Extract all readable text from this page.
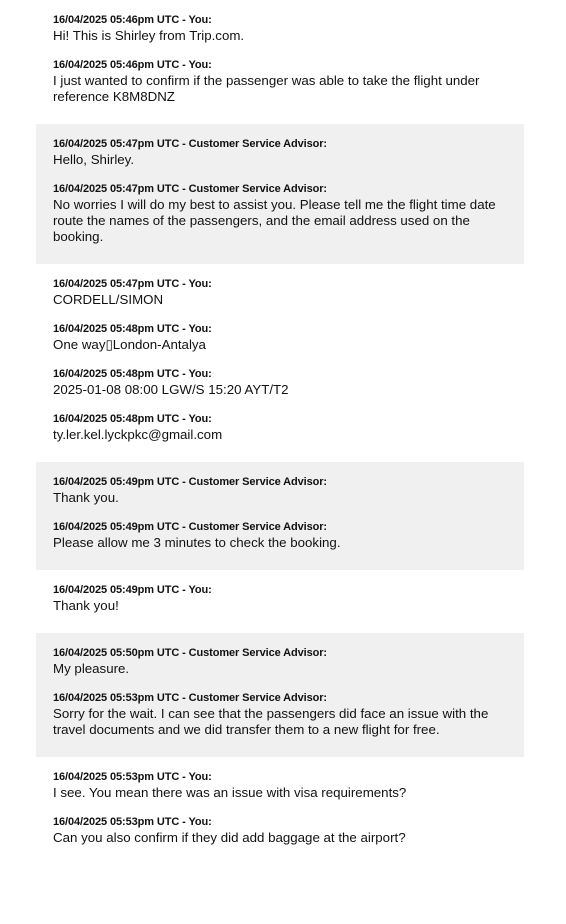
16/04/2025 05:46pm UTC - You:
Hi! This is Shirley from Trip.com.
16/04/2025 05:46pm UTC - You:
I just wanted to confirm if the passenger was able to take the flight under reference K8M8DNZ
16/04/2025 05:47pm UTC - Customer Service Advisor:
Hello, Shirley.
16/04/2025 05:47pm UTC - Customer Service Advisor:
No worries I will do my best to assist you. Please tell me the flight time date route the names of the passengers, and the email address used on the booking.
16/04/2025 05:47pm UTC - You:
CORDELL/SIMON
16/04/2025 05:48pm UTC - You:
One way▯London-Antalya
16/04/2025 05:48pm UTC - You:
2025-01-08 08:00 LGW/S 15:20 AYT/T2
16/04/2025 05:48pm UTC - You:
ty.ler.kel.lyckpkc@gmail.com
16/04/2025 05:49pm UTC - Customer Service Advisor:
Thank you.
16/04/2025 05:49pm UTC - Customer Service Advisor:
Please allow me 3 minutes to check the booking.
16/04/2025 05:49pm UTC - You:
Thank you!
16/04/2025 05:50pm UTC - Customer Service Advisor:
My pleasure.
16/04/2025 05:53pm UTC - Customer Service Advisor:
Sorry for the wait. I can see that the passengers did face an issue with the travel documents and we did transfer them to a new flight for free.
16/04/2025 05:53pm UTC - You:
I see. You mean there was an issue with visa requirements?
16/04/2025 05:53pm UTC - You:
Can you also confirm if they did add baggage at the airport?
